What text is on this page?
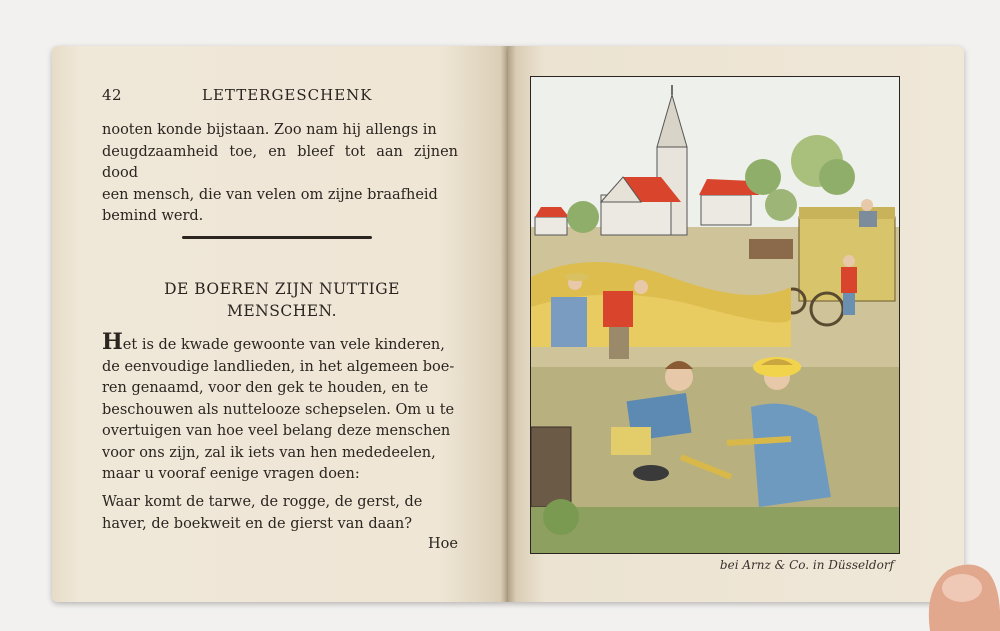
42	LETTERGESCHENK

nooten konde bijstaan. Zoo nam hij allengs in

deugdzaamheid toe, en bleef tot aan zijnen dood

een mensch, die van velen om zijne braafheid

bemind werd.

DE BOEREN ZIJN NUTTIGE
MENSCHEN.

Het is de kwade gewoonte van vele kinderen,

de eenvoudige landlieden, in het algemeen boe-

ren genaamd, voor den gek te houden, en te

beschouwen als nuttelooze schepselen. Om u te

overtuigen van hoe veel belang deze menschen

voor ons zijn, zal ik iets van hen mededeelen,

maar u vooraf eenige vragen doen:

Waar komt de tarwe, de rogge, de gerst, de

haver, de boekweit en de gierst van daan?

Hoe
bei Arnz & Co. in Düsseldorf
